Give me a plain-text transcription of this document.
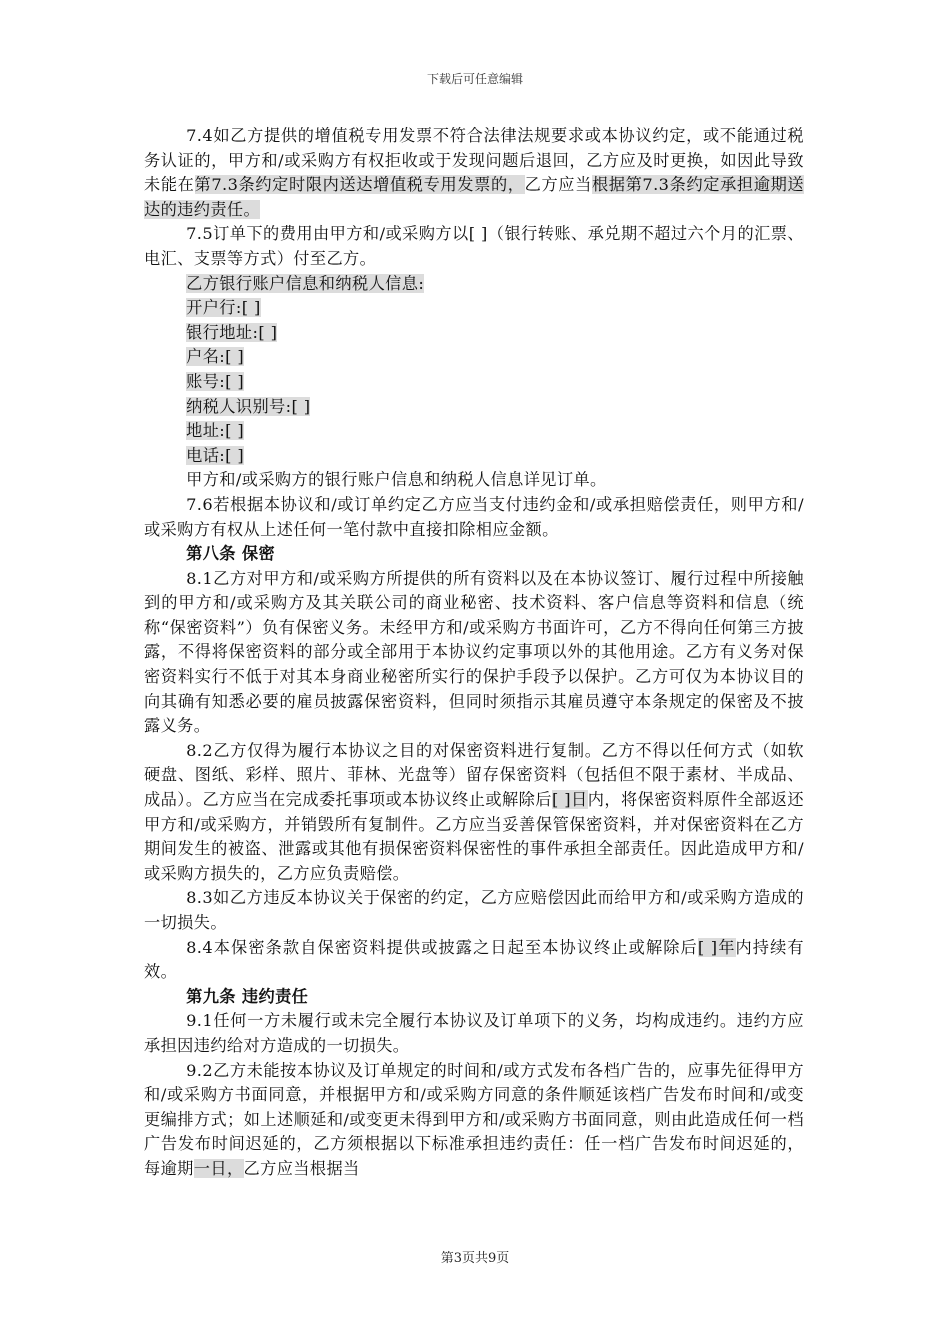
下载后可任意编辑

7.4如乙方提供的增值税专用发票不符合法律法规要求或本协议约定，或不能通过税务认证的，甲方和/或采购方有权拒收或于发现问题后退回，乙方应及时更换，如因此导致未能在第7.3条约定时限内送达增值税专用发票的，乙方应当根据第7.3条约定承担逾期送达的违约责任。

7.5订单下的费用由甲方和/或采购方以[ ]（银行转账、承兑期不超过六个月的汇票、电汇、支票等方式）付至乙方。

乙方银行账户信息和纳税人信息:

开户行:[ ]

银行地址:[ ]

户名:[ ]

账号:[ ]

纳税人识别号:[ ]

地址:[ ]

电话:[ ]

甲方和/或采购方的银行账户信息和纳税人信息详见订单。

7.6若根据本协议和/或订单约定乙方应当支付违约金和/或承担赔偿责任，则甲方和/或采购方有权从上述任何一笔付款中直接扣除相应金额。

第八条 保密

8.1乙方对甲方和/或采购方所提供的所有资料以及在本协议签订、履行过程中所接触到的甲方和/或采购方及其关联公司的商业秘密、技术资料、客户信息等资料和信息（统称“保密资料”）负有保密义务。未经甲方和/或采购方书面许可，乙方不得向任何第三方披露，不得将保密资料的部分或全部用于本协议约定事项以外的其他用途。乙方有义务对保密资料实行不低于对其本身商业秘密所实行的保护手段予以保护。乙方可仅为本协议目的向其确有知悉必要的雇员披露保密资料，但同时须指示其雇员遵守本条规定的保密及不披露义务。

8.2乙方仅得为履行本协议之目的对保密资料进行复制。乙方不得以任何方式（如软硬盘、图纸、彩样、照片、菲林、光盘等）留存保密资料（包括但不限于素材、半成品、成品）。乙方应当在完成委托事项或本协议终止或解除后[ ]日内，将保密资料原件全部返还甲方和/或采购方，并销毁所有复制件。乙方应当妥善保管保密资料，并对保密资料在乙方期间发生的被盗、泄露或其他有损保密资料保密性的事件承担全部责任。因此造成甲方和/或采购方损失的，乙方应负责赔偿。

8.3如乙方违反本协议关于保密的约定，乙方应赔偿因此而给甲方和/或采购方造成的一切损失。

8.4本保密条款自保密资料提供或披露之日起至本协议终止或解除后[ ]年内持续有效。

第九条 违约责任

9.1任何一方未履行或未完全履行本协议及订单项下的义务，均构成违约。违约方应承担因违约给对方造成的一切损失。

9.2乙方未能按本协议及订单规定的时间和/或方式发布各档广告的，应事先征得甲方和/或采购方书面同意，并根据甲方和/或采购方同意的条件顺延该档广告发布时间和/或变更编排方式；如上述顺延和/或变更未得到甲方和/或采购方书面同意，则由此造成任何一档广告发布时间迟延的，乙方须根据以下标准承担违约责任：任一档广告发布时间迟延的，每逾期一日，乙方应当根据当

第3页共9页
